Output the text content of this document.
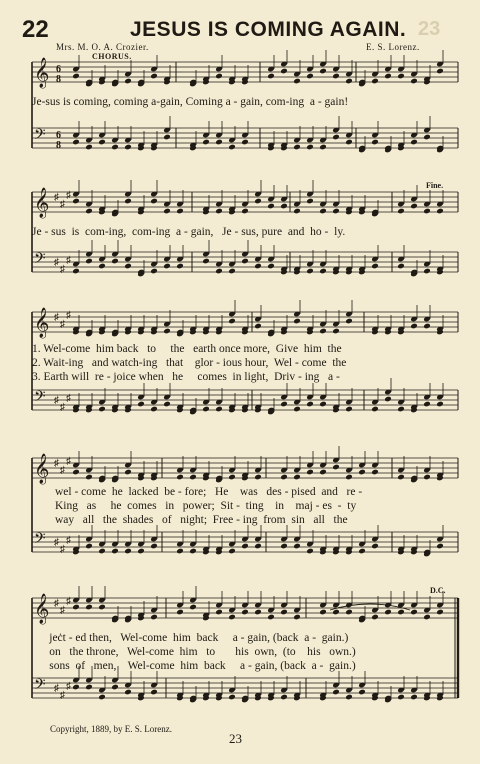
22	JESUS IS COMING AGAIN. 23
Mrs. M. O. A. Crozier.	E. S. Lorenz.
CHORUS.
Fine.
D.C.
𝄞 6
8
𝄢 6
8
𝄞 ♯
♯
♯
𝄢 ♯
♯
♯
𝄞 ♯
♯
♯
𝄢 ♯
♯
♯
𝄞 ♯
♯
♯
𝄢 ♯
♯
♯
𝄞 ♯
♯
♯
𝄢 ♯
♯
♯
Je-sus is coming, coming a-gain, Coming a - gain, com-ing  a - gain!
Je - sus  is  com-ing,  com-ing  a - gain,   Je - sus, pure  and  ho -  ly.
1. Wel-come  him back   to     the   earth once more,  Give  him  the
2. Wait-ing   and watch-ing   that    glor - ious hour,  Wel - come  the
3. Earth will  re - joice when   he     comes  in light,  Driv - ing   a -
wel - come  he  lacked  be - fore;   He    was   des - pised  and   re -
King   as     he  comes   in   power;  Sit -  ting    in    maj - es  -  ty
way   all   the  shades   of   night;  Free - ing  from  sin   all   the
jeċt - ed then,   Wel-come  him  back     a - gain, (back  a -  gain.)
on   the throne,   Wel-come  him   to       his  own,  (to    his   own.)
sons  of   men,    Wel-come  him  back     a - gain, (back  a -  gain.)
Copyright, 1889, by E. S. Lorenz.
23
